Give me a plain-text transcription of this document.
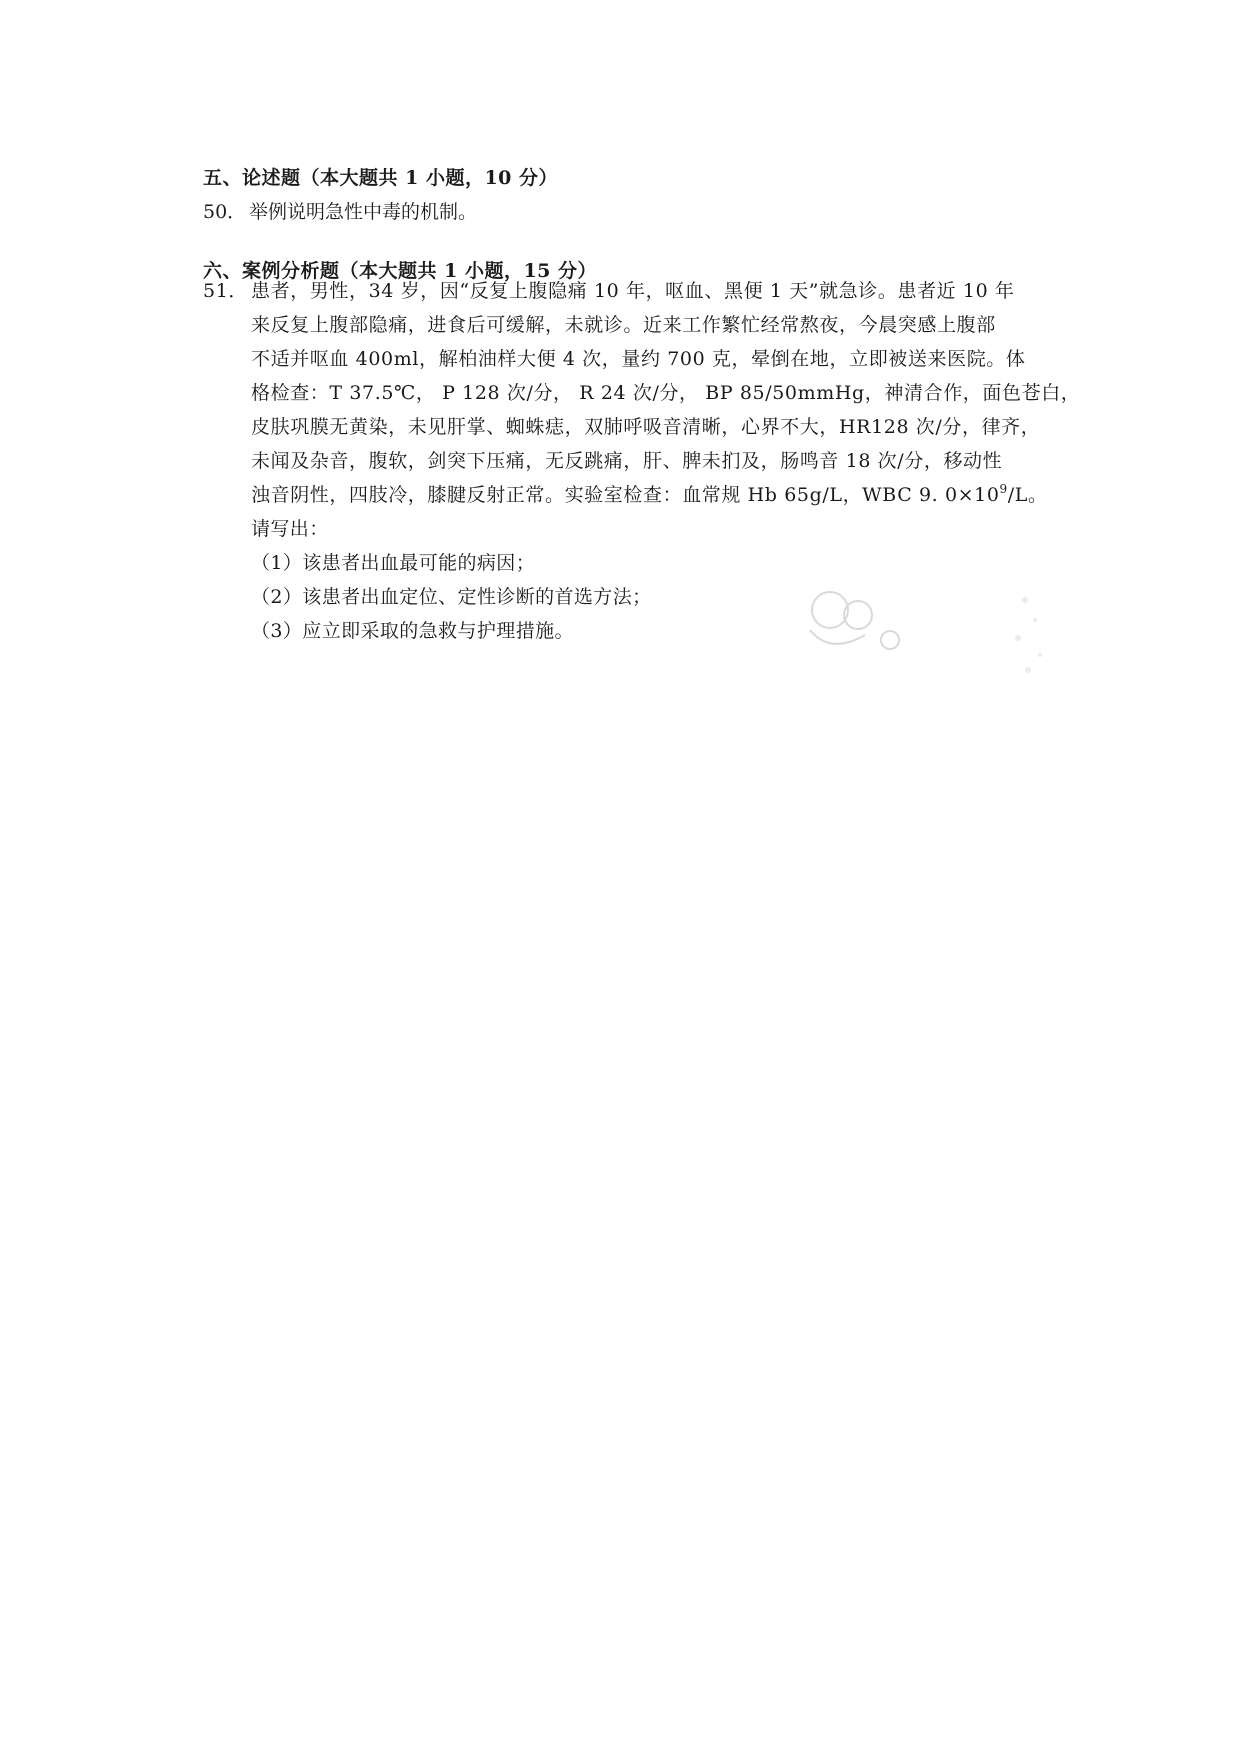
五、论述题（本大题共 1 小题，10 分）
50． 举例说明急性中毒的机制。
六、案例分析题（本大题共 1 小题，15 分）
51． 患者，男性，34 岁，因“反复上腹隐痛 10 年，呕血、黑便 1 天”就急诊。患者近 10 年
来反复上腹部隐痛，进食后可缓解，未就诊。近来工作繁忙经常熬夜，今晨突感上腹部
不适并呕血 400ml，解柏油样大便 4 次，量约 700 克，晕倒在地，立即被送来医院。体
格检查：T 37.5℃， P 128 次/分， R 24 次/分， BP 85/50mmHg，神清合作，面色苍白，
皮肤巩膜无黄染，未见肝掌、蜘蛛痣，双肺呼吸音清晰，心界不大，HR128 次/分，律齐，
未闻及杂音，腹软，剑突下压痛，无反跳痛，肝、脾未扪及，肠鸣音 18 次/分，移动性
浊音阴性，四肢冷，膝腱反射正常。实验室检查：血常规 Hb 65g/L，WBC 9. $0\times 10^9/L$。
请写出：
（1）该患者出血最可能的病因；
（2）该患者出血定位、定性诊断的首选方法；
（3）应立即采取的急救与护理措施。
